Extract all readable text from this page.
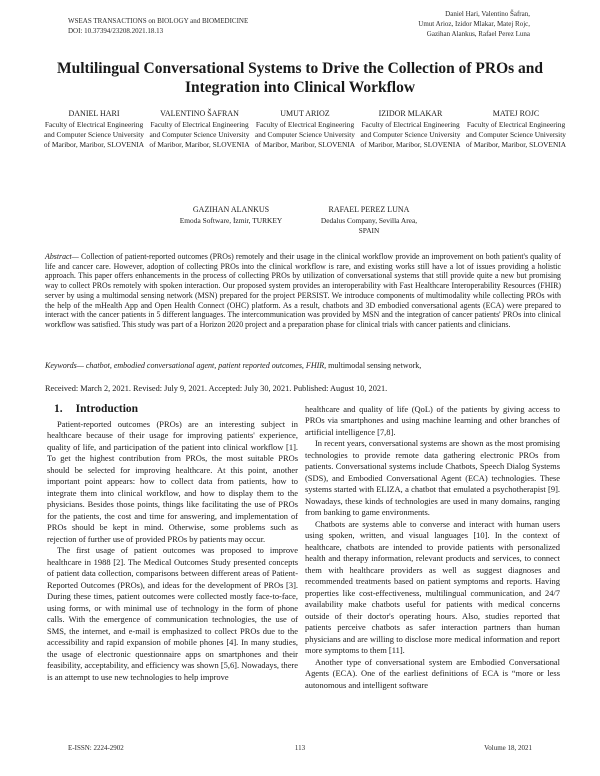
WSEAS TRANSACTIONS on BIOLOGY and BIOMEDICINE
DOI: 10.37394/23208.2021.18.13
Daniel Hari, Valentino Šafran,
Umut Arioz, Izidor Mlakar, Matej Rojc,
Gazihan Alankus, Rafael Perez Luna
Multilingual Conversational Systems to Drive the Collection of PROs and Integration into Clinical Workflow
DANIEL HARI
Faculty of Electrical Engineering and Computer Science University of Maribor, Maribor, SLOVENIA
VALENTINO ŠAFRAN
Faculty of Electrical Engineering and Computer Science University of Maribor, Maribor, SLOVENIA
UMUT ARIOZ
Faculty of Electrical Engineering and Computer Science University of Maribor, Maribor, SLOVENIA
IZIDOR MLAKAR
Faculty of Electrical Engineering and Computer Science University of Maribor, Maribor, SLOVENIA
MATEJ ROJC
Faculty of Electrical Engineering and Computer Science University of Maribor, Maribor, SLOVENIA
GAZIHAN ALANKUS
Emoda Software, İzmir, TURKEY
RAFAEL PEREZ LUNA
Dedalus Company, Sevilla Area, SPAIN
Abstract— Collection of patient-reported outcomes (PROs) remotely and their usage in the clinical workflow provide an improvement on both patient's quality of life and cancer care. However, adoption of collecting PROs into the clinical workflow is rare, and existing works still have a lot of issues providing a holistic approach. This paper offers enhancements in the process of collecting PROs by utilization of conversational systems that still provide quite a new but promising way to collect PROs remotely with spoken interaction. Our proposed system provides an interoperability with Fast Healthcare Interoperability Resources (FHIR) server by using a multimodal sensing network (MSN) prepared for the project PERSIST. We introduce components of multimodality while collecting PROs with the help of the mHealth App and Open Health Connect (OHC) platform. As a result, chatbots and 3D embodied conversational agents (ECA) were prepared to interact with the cancer patients in 5 different languages. The intercommunication was provided by MSN and the integration of cancer patients' PROs into clinical workflow was satisfied. This study was part of a Horizon 2020 project and a preparation phase for clinical trials with cancer patients and clinicians.
Keywords— chatbot, embodied conversational agent, patient reported outcomes, FHIR, multimodal sensing network,
Received: March 2, 2021. Revised: July 9, 2021. Accepted: July 30, 2021. Published: August 10, 2021.
1. Introduction

Patient-reported outcomes (PROs) are an interesting subject in healthcare because of their usage for improving patients' experience, quality of life, and participation of the patient into clinical workflow [1]. To get the highest contribution from PROs, the most suitable PROs should be selected for improving healthcare. At this point, another important point appears: how to collect data from patients, how to integrate them into clinical workflow, and how to display them to the physicians. Besides those points, things like facilitating the use of PROs for the patients, the cost and time for answering, and implementation of PROs should be kept in mind. Otherwise, some problems such as rejection of further use of provided PROs by patients may occur.

The first usage of patient outcomes was proposed to improve healthcare in 1988 [2]. The Medical Outcomes Study presented concepts of patient data collection, comparisons between different areas of Patient-Reported Outcomes (PROs), and ideas for the development of PROs [3]. During these times, patient outcomes were collected mostly face-to-face, using forms, or with minimal use of technology in the form of phone calls. With the emergence of communication technologies, the use of SMS, the internet, and e-mail is emphasized to collect PROs due to the accessibility and rapid expansion of mobile phones [4]. In many studies, the usage of electronic questionnaire apps on smartphones and their feasibility, acceptability, and efficiency was shown [5,6]. Nowadays, there is an attempt to use new technologies to help improve

healthcare and quality of life (QoL) of the patients by giving access to PROs via smartphones and using machine learning and other branches of artificial intelligence [7,8].

In recent years, conversational systems are shown as the most promising technologies to provide remote data gathering electronic PROs from patients. Conversational systems include Chatbots, Speech Dialog Systems (SDS), and Embodied Conversational Agent (ECA) technologies. These systems started with ELIZA, a chatbot that emulated a psychotherapist [9]. Nowadays, these kinds of technologies are used in many domains, ranging from banking to game environments.

Chatbots are systems able to converse and interact with human users using spoken, written, and visual languages [10]. In the context of healthcare, chatbots are intended to provide patients with personalized health and therapy information, relevant products and services, to connect them with healthcare providers as well as suggest diagnoses and recommended treatments based on patient symptoms and reports. Having properties like cost-effectiveness, multilingual communication, and 24/7 availability make chatbots useful for patients with medical concerns outside of their doctor's operating hours. Also, studies reported that patients perceive chatbots as safer interaction partners than human physicians and are willing to disclose more medical information and report more symptoms to them [11].

Another type of conversational system are Embodied Conversational Agents (ECA). One of the earliest definitions of ECA is “more or less autonomous and intelligent software

E-ISSN: 2224-2902	113	Volume 18, 2021
